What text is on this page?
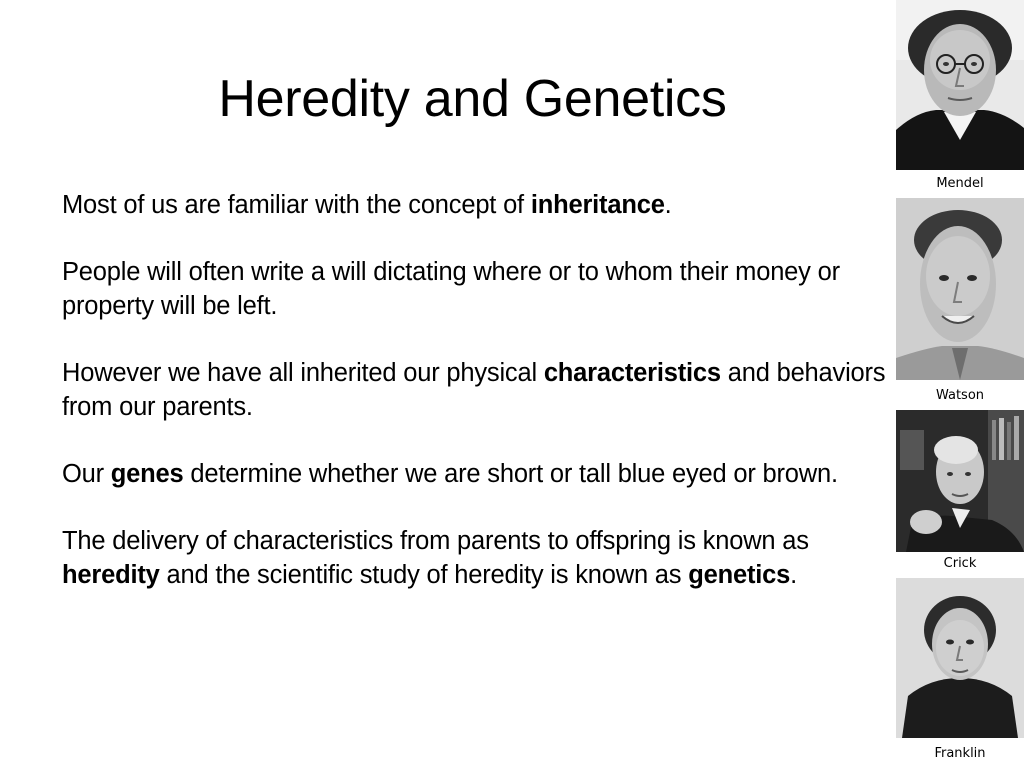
Heredity and Genetics

Most of us are familiar with the concept of inheritance.

People will often write a will dictating where or to whom their money or property will be left.

However we have all inherited our physical characteristics and behaviors from our parents.

Our genes determine whether we are short or tall blue eyed or brown.

The delivery of characteristics from parents to offspring is known as heredity and the scientific study of heredity is known as genetics.

Mendel
Watson
Crick
Franklin
